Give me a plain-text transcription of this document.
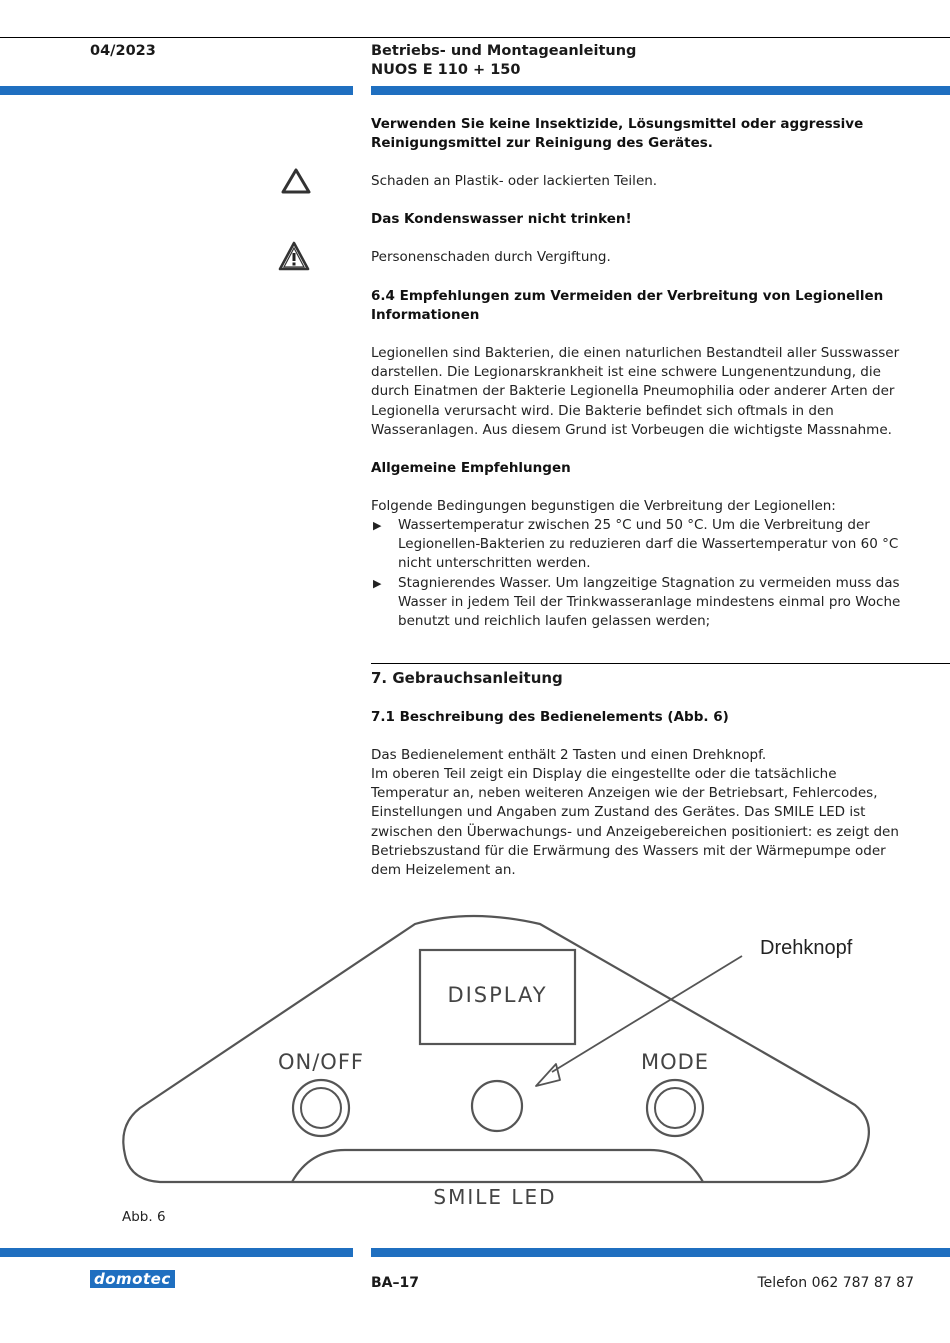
04/2023	Betriebs- und Montageanleitung
NUOS E 110 + 150
Verwenden Sie keine Insektizide, Lösungsmittel oder aggressive Reinigungsmittel zur Reinigung des Gerätes.
Schaden an Plastik- oder lackierten Teilen.
Das Kondenswasser nicht trinken!
Personenschaden durch Vergiftung.
6.4 Empfehlungen zum Vermeiden der Verbreitung von Legionellen Informationen
Legionellen sind Bakterien, die einen naturlichen Bestandteil aller Susswasser darstellen. Die Legionarskrankheit ist eine schwere Lungenentzundung, die durch Einatmen der Bakterie Legionella Pneumophilia oder anderer Arten der Legionella verursacht wird. Die Bakterie befindet sich oftmals in den Wasseranlagen. Aus diesem Grund ist Vorbeugen die wichtigste Massnahme.
Allgemeine Empfehlungen
Folgende Bedingungen begunstigen die Verbreitung der Legionellen:
▶ Wassertemperatur zwischen 25 °C und 50 °C. Um die Verbreitung der Legionellen-Bakterien zu reduzieren darf die Wassertemperatur von 60 °C nicht unterschritten werden.
▶ Stagnierendes Wasser. Um langzeitige Stagnation zu vermeiden muss das Wasser in jedem Teil der Trinkwasseranlage mindestens einmal pro Woche benutzt und reichlich laufen gelassen werden;
7. Gebrauchsanleitung
7.1 Beschreibung des Bedienelements (Abb. 6)
Das Bedienelement enthält 2 Tasten und einen Drehknopf.
Im oberen Teil zeigt ein Display die eingestellte oder die tatsächliche Temperatur an, neben weiteren Anzeigen wie der Betriebsart, Fehlercodes, Einstellungen und Angaben zum Zustand des Gerätes. Das SMILE LED ist zwischen den Überwachungs- und Anzeigebereichen positioniert: es zeigt den Betriebszustand für die Erwärmung des Wassers mit der Wärmepumpe oder dem Heizelement an.
DISPLAY
ON/OFF	MODE
SMILE LED
Drehknopf
Abb. 6
domotec	BA–17	Telefon 062 787 87 87
